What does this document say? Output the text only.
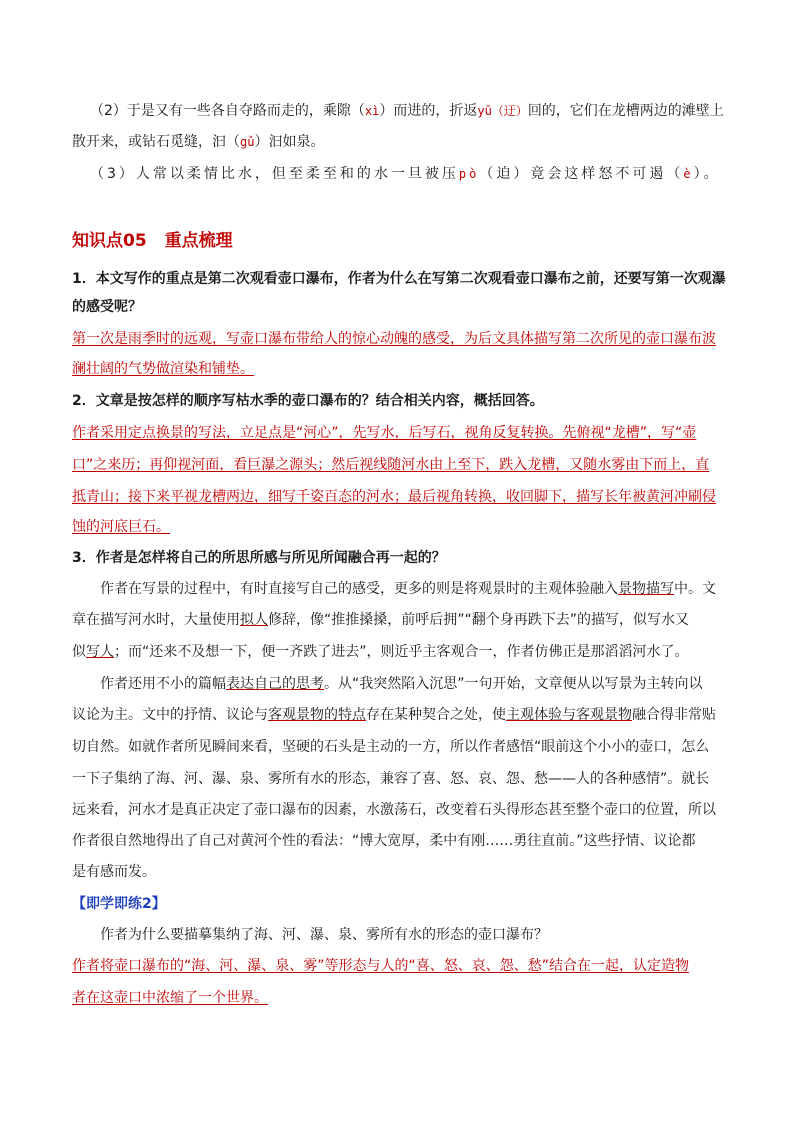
（2）于是又有一些各自夺路而走的，乘隙（xì）而进的，折返yū（迂）回的，它们在龙槽两边的滩壁上
散开来，或钻石觅缝，汩（gǔ）汩如泉。
（3）人常以柔情比水，但至柔至和的水一旦被压pò（迫）竟会这样怒不可遏（è）。
知识点05 重点梳理
1．本文写作的重点是第二次观看壶口瀑布，作者为什么在写第二次观看壶口瀑布之前，还要写第一次观瀑
的感受呢？
第一次是雨季时的远观，写壶口瀑布带给人的惊心动魄的感受，为后文具体描写第二次所见的壶口瀑布波
澜壮阔的气势做渲染和铺垫。
2．文章是按怎样的顺序写枯水季的壶口瀑布的？结合相关内容，概括回答。
作者采用定点换景的写法，立足点是“河心”，先写水，后写石，视角反复转换。先俯视“龙槽”，写“壶
口”之来历；再仰视河面，看巨瀑之源头；然后视线随河水由上至下，跌入龙槽，又随水雾由下而上，直
抵青山；接下来平视龙槽两边，细写千姿百态的河水；最后视角转换，收回脚下，描写长年被黄河冲刷侵
蚀的河底巨石。
3．作者是怎样将自己的所思所感与所见所闻融合再一起的？
作者在写景的过程中，有时直接写自己的感受，更多的则是将观景时的主观体验融入景物描写中。文
章在描写河水时，大量使用拟人修辞，像“推推搡搡，前呼后拥”“翻个身再跌下去”的描写，似写水又
似写人；而“还来不及想一下，便一齐跌了进去”，则近乎主客观合一，作者仿佛正是那滔滔河水了。
作者还用不小的篇幅表达自己的思考。从“我突然陷入沉思”一句开始，文章便从以写景为主转向以
议论为主。文中的抒情、议论与客观景物的特点存在某种契合之处，使主观体验与客观景物融合得非常贴
切自然。如就作者所见瞬间来看，坚硬的石头是主动的一方，所以作者感悟“眼前这个小小的壶口，怎么
一下子集纳了海、河、瀑、泉、雾所有水的形态，兼容了喜、怒、哀、怨、愁——人的各种感情”。就长
远来看，河水才是真正决定了壶口瀑布的因素，水激荡石，改变着石头得形态甚至整个壶口的位置，所以
作者很自然地得出了自己对黄河个性的看法：“博大宽厚，柔中有刚……勇往直前。”这些抒情、议论都
是有感而发。
【即学即练2】
作者为什么要描摹集纳了海、河、瀑、泉、雾所有水的形态的壶口瀑布？
作者将壶口瀑布的“海、河、瀑、泉、雾”等形态与人的“喜、怒、哀、怨、愁”结合在一起，认定造物
者在这壶口中浓缩了一个世界。
